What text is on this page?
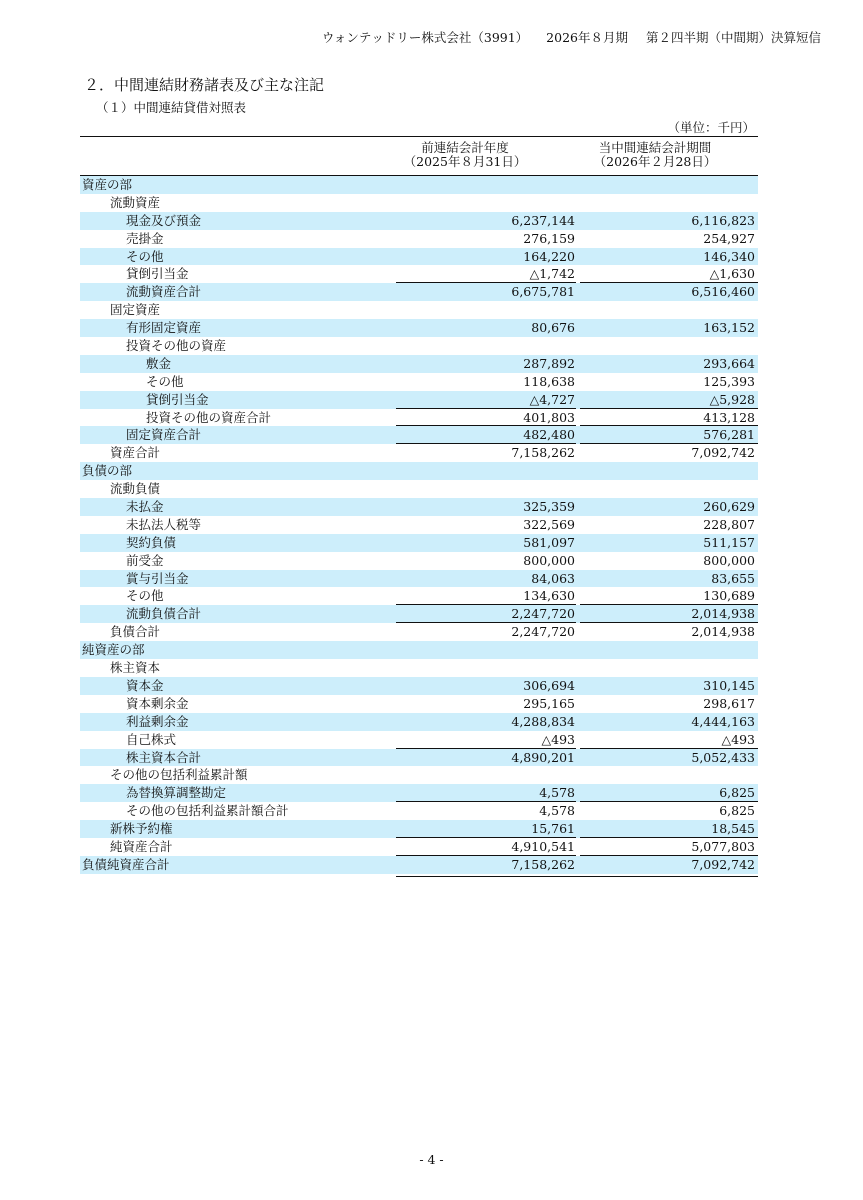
ウォンテッドリー株式会社（3991） 2026年８月期 第２四半期（中間期）決算短信
２．中間連結財務諸表及び主な注記
（１）中間連結貸借対照表
（単位：千円）
前連結会計年度
（2025年８月31日）
当中間連結会計期間
（2026年２月28日）
資産の部
流動資産
現金及び預金	6,237,144	6,116,823
売掛金	276,159	254,927
その他	164,220	146,340
貸倒引当金	△1,742	△1,630
流動資産合計	6,675,781	6,516,460
固定資産
有形固定資産	80,676	163,152
投資その他の資産
敷金	287,892	293,664
その他	118,638	125,393
貸倒引当金	△4,727	△5,928
投資その他の資産合計	401,803	413,128
固定資産合計	482,480	576,281
資産合計	7,158,262	7,092,742
負債の部
流動負債
未払金	325,359	260,629
未払法人税等	322,569	228,807
契約負債	581,097	511,157
前受金	800,000	800,000
賞与引当金	84,063	83,655
その他	134,630	130,689
流動負債合計	2,247,720	2,014,938
負債合計	2,247,720	2,014,938
純資産の部
株主資本
資本金	306,694	310,145
資本剰余金	295,165	298,617
利益剰余金	4,288,834	4,444,163
自己株式	△493	△493
株主資本合計	4,890,201	5,052,433
その他の包括利益累計額
為替換算調整勘定	4,578	6,825
その他の包括利益累計額合計	4,578	6,825
新株予約権	15,761	18,545
純資産合計	4,910,541	5,077,803
負債純資産合計	7,158,262	7,092,742
- 4 -
